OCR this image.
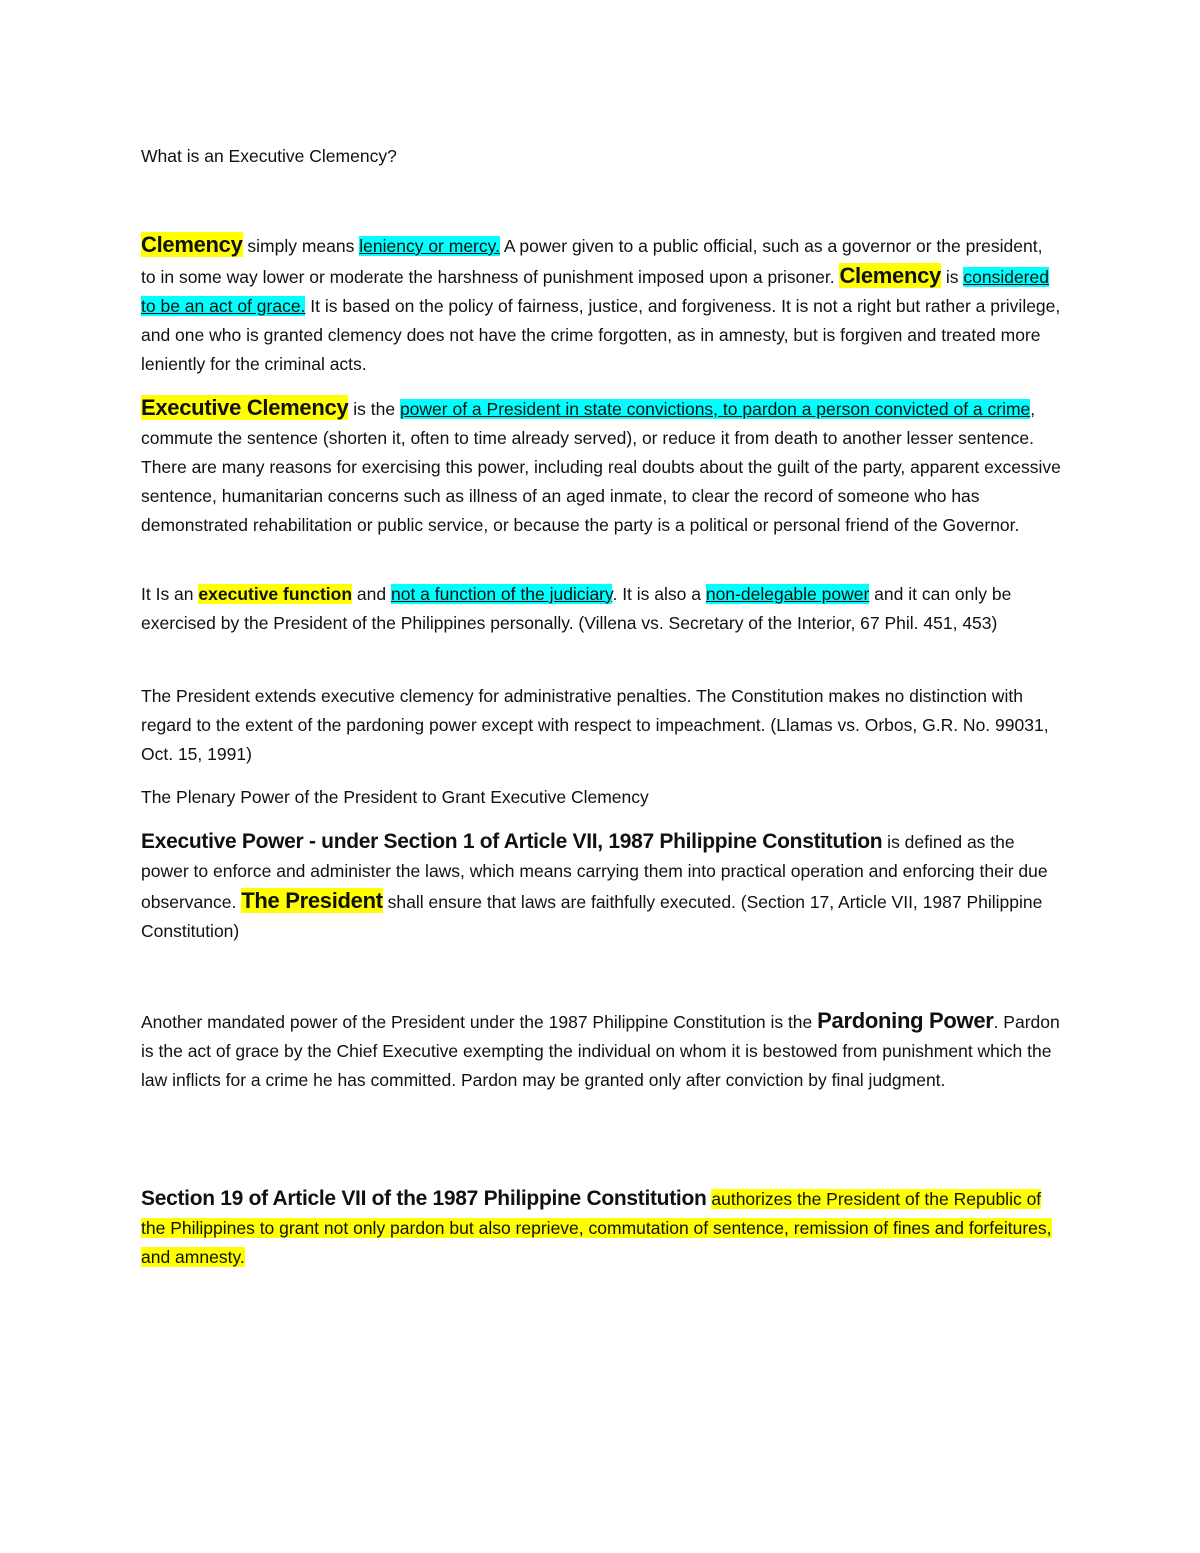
What is an Executive Clemency?

Clemency simply means leniency or mercy. A power given to a public official, such as a governor or the president, to in some way lower or moderate the harshness of punishment imposed upon a prisoner. Clemency is considered to be an act of grace. It is based on the policy of fairness, justice, and forgiveness. It is not a right but rather a privilege, and one who is granted clemency does not have the crime forgotten, as in amnesty, but is forgiven and treated more leniently for the criminal acts.

Executive Clemency is the power of a President in state convictions, to pardon a person convicted of a crime, commute the sentence (shorten it, often to time already served), or reduce it from death to another lesser sentence. There are many reasons for exercising this power, including real doubts about the guilt of the party, apparent excessive sentence, humanitarian concerns such as illness of an aged inmate, to clear the record of someone who has demonstrated rehabilitation or public service, or because the party is a political or personal friend of the Governor.

It Is an executive function and not a function of the judiciary. It is also a non-delegable power and it can only be exercised by the President of the Philippines personally. (Villena vs. Secretary of the Interior, 67 Phil. 451, 453)

The President extends executive clemency for administrative penalties. The Constitution makes no distinction with regard to the extent of the pardoning power except with respect to impeachment. (Llamas vs. Orbos, G.R. No. 99031, Oct. 15, 1991)

The Plenary Power of the President to Grant Executive Clemency

Executive Power - under Section 1 of Article VII, 1987 Philippine Constitution is defined as the power to enforce and administer the laws, which means carrying them into practical operation and enforcing their due observance. The President shall ensure that laws are faithfully executed. (Section 17, Article VII, 1987 Philippine Constitution)

Another mandated power of the President under the 1987 Philippine Constitution is the Pardoning Power. Pardon is the act of grace by the Chief Executive exempting the individual on whom it is bestowed from punishment which the law inflicts for a crime he has committed. Pardon may be granted only after conviction by final judgment.

Section 19 of Article VII of the 1987 Philippine Constitution authorizes the President of the Republic of the Philippines to grant not only pardon but also reprieve, commutation of sentence, remission of fines and forfeitures, and amnesty.
